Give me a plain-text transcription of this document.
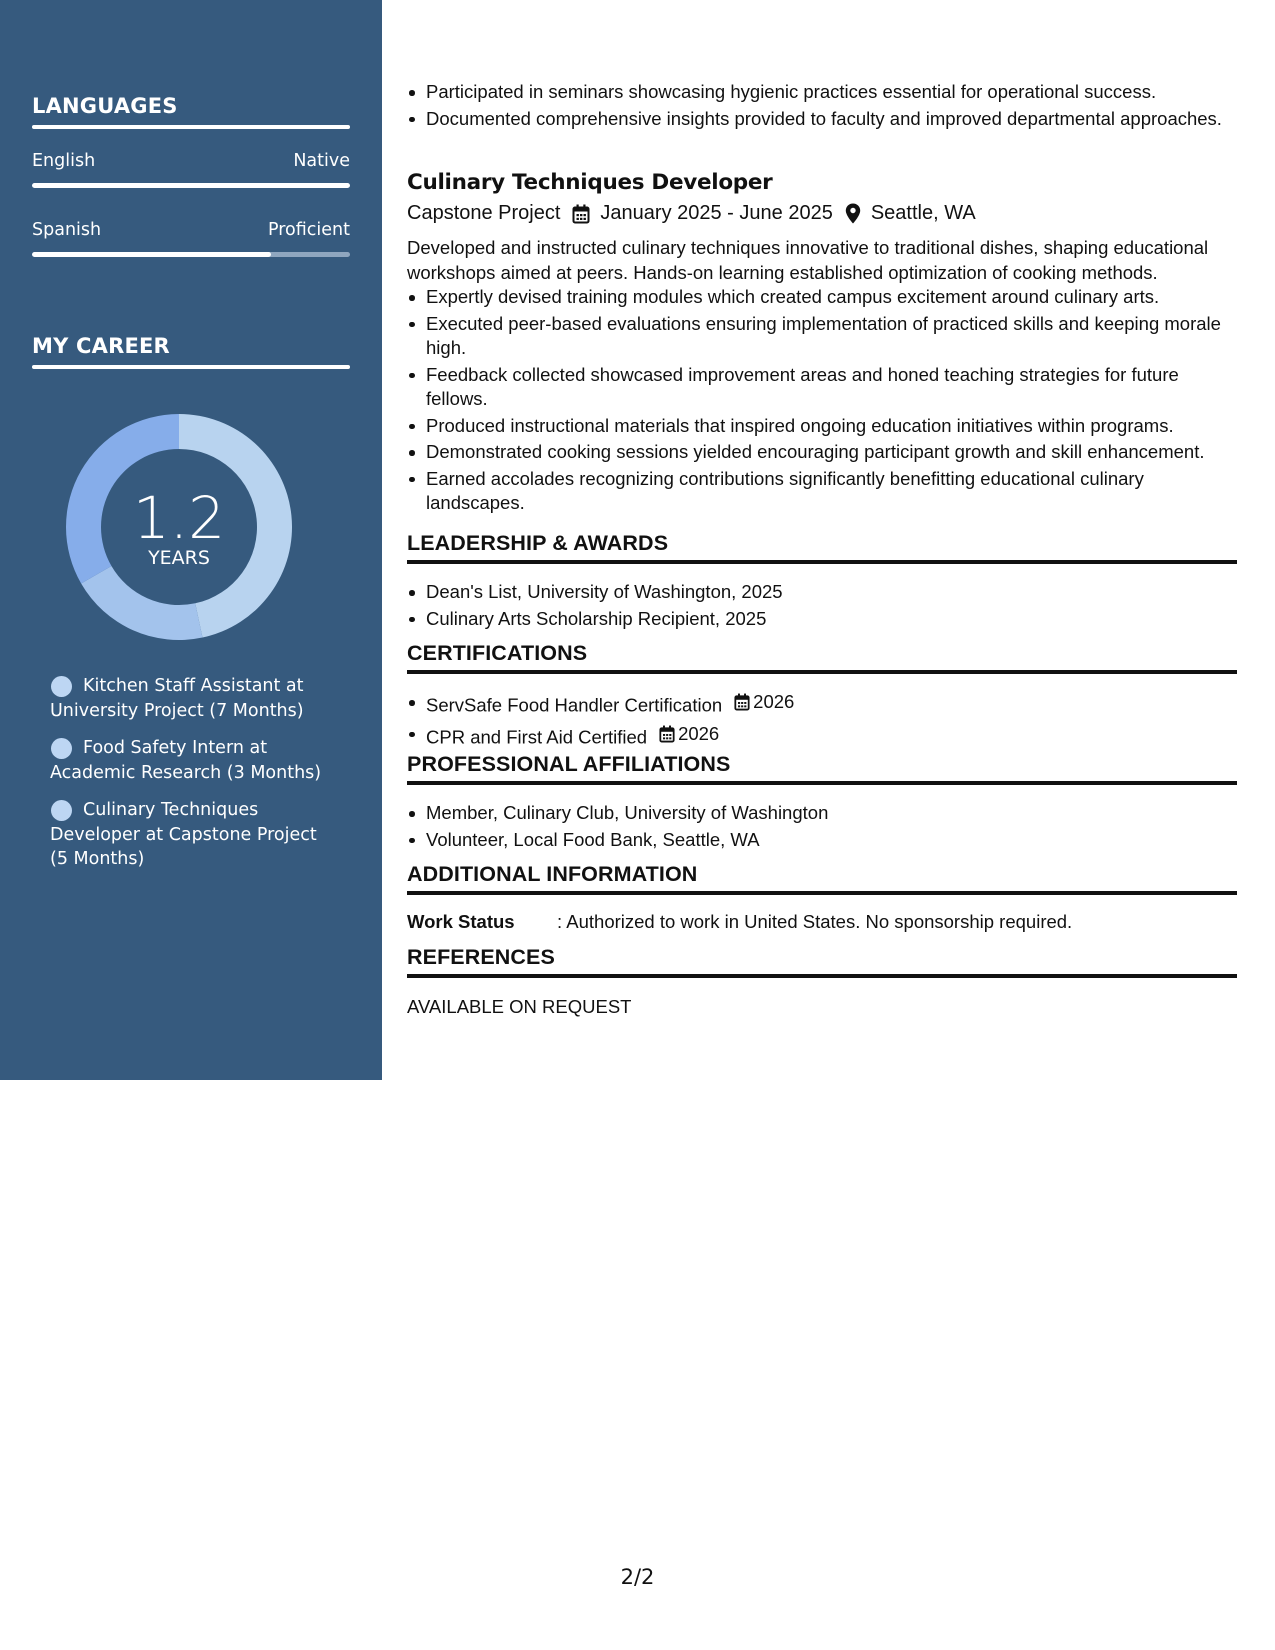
LANGUAGES
English	Native
Spanish	Proficient
MY CAREER
1.2
YEARS
Kitchen Staff Assistant at University Project (7 Months)
Food Safety Intern at Academic Research (3 Months)
Culinary Techniques Developer at Capstone Project (5 Months)
Participated in seminars showcasing hygienic practices essential for operational success.
Documented comprehensive insights provided to faculty and improved departmental approaches.
Culinary Techniques Developer
Capstone Project January 2025 - June 2025 Seattle, WA
Developed and instructed culinary techniques innovative to traditional dishes, shaping educational workshops aimed at peers. Hands-on learning established optimization of cooking methods.
Expertly devised training modules which created campus excitement around culinary arts.
Executed peer-based evaluations ensuring implementation of practiced skills and keeping morale high.
Feedback collected showcased improvement areas and honed teaching strategies for future fellows.
Produced instructional materials that inspired ongoing education initiatives within programs.
Demonstrated cooking sessions yielded encouraging participant growth and skill enhancement.
Earned accolades recognizing contributions significantly benefitting educational culinary landscapes.
LEADERSHIP & AWARDS
Dean's List, University of Washington, 2025
Culinary Arts Scholarship Recipient, 2025
CERTIFICATIONS
ServSafe Food Handler Certification 2026
CPR and First Aid Certified 2026
PROFESSIONAL AFFILIATIONS
Member, Culinary Club, University of Washington
Volunteer, Local Food Bank, Seattle, WA
ADDITIONAL INFORMATION
Work Status	: Authorized to work in United States. No sponsorship required.
REFERENCES
AVAILABLE ON REQUEST
2/2
